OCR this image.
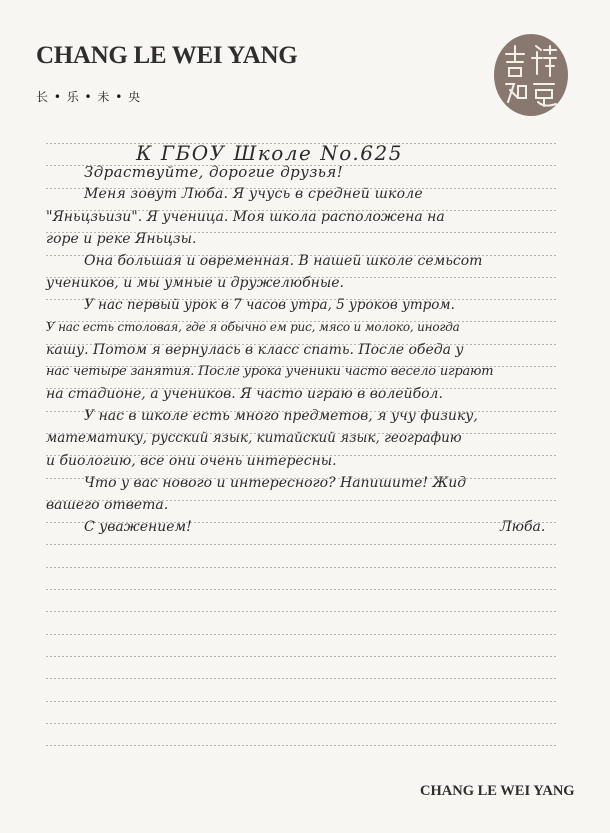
CHANG LE WEI YANG
长 • 乐 • 未 • 央
К ГБОУ Школе No.625
Здраствуйте, дорогие друзья!
Меня зовут Люба. Я учусь в средней школе
"Яньцзьизи". Я ученица. Моя школа расположена на
горе и реке Яньцзы.
Она большая и овременная. В нашей школе семьсот
учеников, и мы умные и дружелюбные.
У нас первый урок в 7 часов утра, 5 уроков утром.
У нас есть столовая, где я обычно ем рис, мясо и молоко, иногда
кашу. Потом я вернулась в класс спать. После обеда у
нас четыре занятия. После урока ученики часто весело играют
на стадионе, а учеников. Я часто играю в волейбол.
У нас в школе есть много предметов, я учу физику,
математику, русский язык, китайский язык, географию
и биологию, все они очень интересны.
Что у вас нового и интересного? Напишите! Жид
вашего ответа.
С уважением!	Люба.
CHANG LE WEI YANG
